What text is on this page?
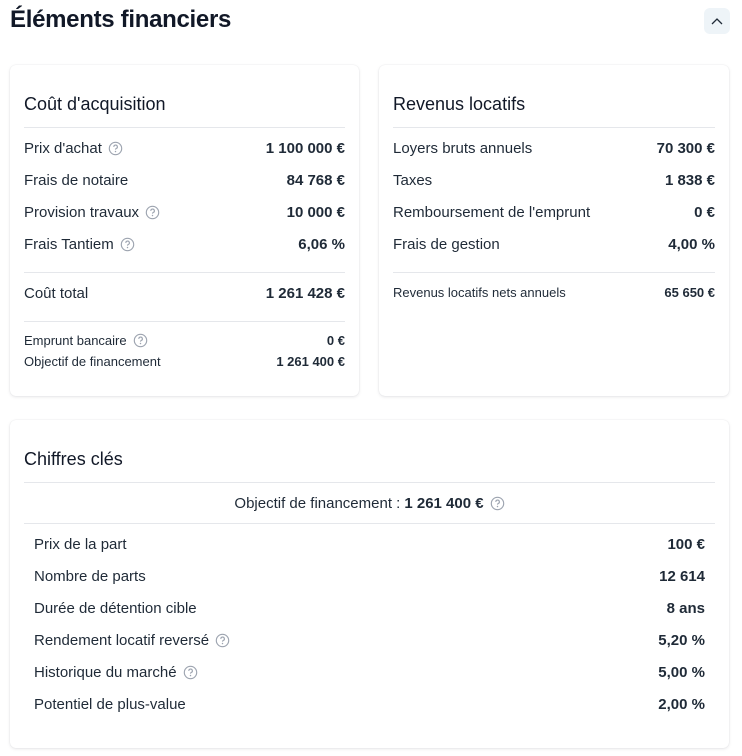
Éléments financiers
Coût d'acquisition
Prix d'achat	1 100 000 €
Frais de notaire	84 768 €
Provision travaux	10 000 €
Frais Tantiem	6,06 %
Coût total	1 261 428 €
Emprunt bancaire	0 €
Objectif de financement	1 261 400 €
Revenus locatifs
Loyers bruts annuels	70 300 €
Taxes	1 838 €
Remboursement de l'emprunt	0 €
Frais de gestion	4,00 %
Revenus locatifs nets annuels	65 650 €
Chiffres clés
Objectif de financement : 1 261 400 €
Prix de la part	100 €
Nombre de parts	12 614
Durée de détention cible	8 ans
Rendement locatif reversé	5,20 %
Historique du marché	5,00 %
Potentiel de plus-value	2,00 %
